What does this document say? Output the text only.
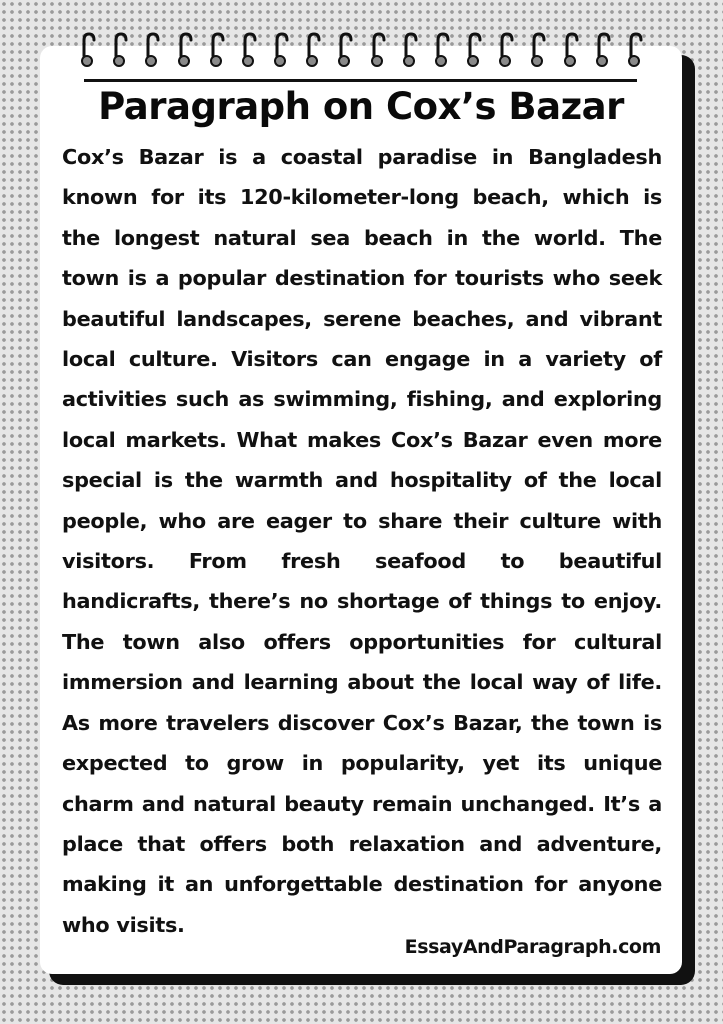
Paragraph on Cox’s Bazar

Cox’s Bazar is a coastal paradise in Bangladesh known for its 120-kilometer-long beach, which is the longest natural sea beach in the world. The town is a popular destination for tourists who seek beautiful landscapes, serene beaches, and vibrant local culture. Visitors can engage in a variety of activities such as swimming, fishing, and exploring local markets. What makes Cox’s Bazar even more special is the warmth and hospitality of the local people, who are eager to share their culture with visitors. From fresh seafood to beautiful handicrafts, there’s no shortage of things to enjoy. The town also offers opportunities for cultural immersion and learning about the local way of life. As more travelers discover Cox’s Bazar, the town is expected to grow in popularity, yet its unique charm and natural beauty remain unchanged. It’s a place that offers both relaxation and adventure, making it an unforgettable destination for anyone who visits.

EssayAndParagraph.com
